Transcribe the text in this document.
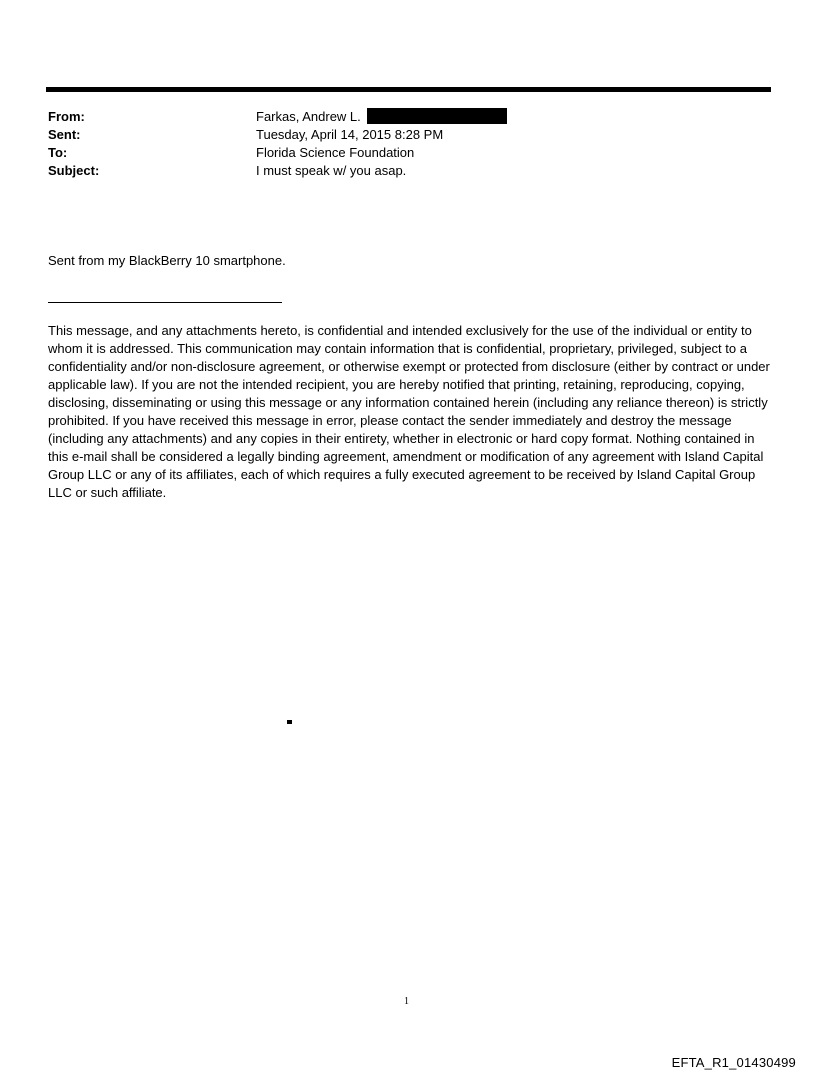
From:	Farkas, Andrew L.
Sent:	Tuesday, April 14, 2015 8:28 PM
To:	Florida Science Foundation
Subject:	I must speak w/ you asap.
Sent from my BlackBerry 10 smartphone.
This message, and any attachments hereto, is confidential and intended exclusively for the use of the individual or entity to whom it is addressed. This communication may contain information that is confidential, proprietary, privileged, subject to a confidentiality and/or non-disclosure agreement, or otherwise exempt or protected from disclosure (either by contract or under applicable law). If you are not the intended recipient, you are hereby notified that printing, retaining, reproducing, copying, disclosing, disseminating or using this message or any information contained herein (including any reliance thereon) is strictly prohibited. If you have received this message in error, please contact the sender immediately and destroy the message (including any attachments) and any copies in their entirety, whether in electronic or hard copy format. Nothing contained in this e-mail shall be considered a legally binding agreement, amendment or modification of any agreement with Island Capital Group LLC or any of its affiliates, each of which requires a fully executed agreement to be received by Island Capital Group LLC or such affiliate.
1
EFTA_R1_01430499
